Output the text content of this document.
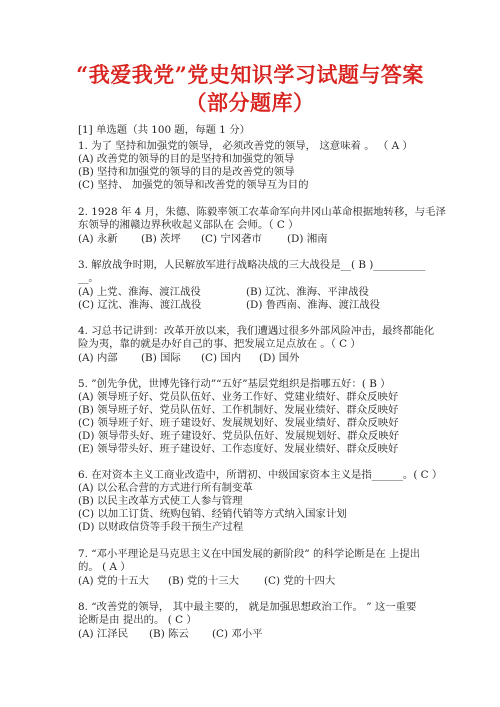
“我爱我党”党史知识学习试题与答案
（部分题库）
[1] 单选题（共 100 题，每题 1 分）
1. 为了 坚持和加强党的领导， 必须改善党的领导， 这意味着 。 （ A ）
(A) 改善党的领导的目的是坚持和加强党的领导
(B) 坚持和加强党的领导的目的是改善党的领导
(C) 坚持、 加强党的领导和改善党的领导互为目的
2. 1928 年 4 月，朱德、陈毅率领工农革命军向井冈山革命根据地转移，与毛泽
东领导的湘赣边界秋收起义部队在 会师。（ C ）
(A) 永新 (B) 茨坪 (C) 宁冈砻市 (D) 湘南
3. 解放战争时期，人民解放军进行战略决战的三大战役是__( B )__________
__。
(A) 上党、淮海、渡江战役	(B) 辽沈、淮海、平津战役
(C) 辽沈、淮海、渡江战役	(D) 鲁西南、淮海、渡江战役
4. 习总书记讲到：改革开放以来，我们遭遇过很多外部风险冲击，最终都能化
险为夷，靠的就是办好自己的事、把发展立足点放在 。（ C ）
(A) 内部 (B) 国际 (C) 国内 (D) 国外
5. ”创先争优，世博先锋行动”“五好”基层党组织是指哪五好：( B ）
(A) 领导班子好、党员队伍好、业务工作好、党建业绩好、群众反映好
(B) 领导班子好、党员队伍好、工作机制好、发展业绩好、群众反映好
(C) 领导班子好、班子建设好、发展规划好、发展业绩好、群众反映好
(D) 领导带头好、班子建设好、党员队伍好、发展规划好、群众反映好
(E) 领导带头好、班子建设好、工作态度好、发展业绩好、群众反映好
6. 在对资本主义工商业改造中，所谓初、中级国家资本主义是指______。( C ）
(A) 以公私合营的方式进行所有制变革
(B) 以民主改革方式使工人参与管理
(C) 以加工订货、统购包销、经销代销等方式纳入国家计划
(D) 以财政信贷等手段干预生产过程
7. “邓小平理论是马克思主义在中国发展的新阶段” 的科学论断是在 上提出
的。 ( A ）
(A) 党的十五大 (B) 党的十三大 (C) 党的十四大
8. “改善党的领导， 其中最主要的， 就是加强思想政治工作。 ” 这一重要
论断是由 提出的。 ( C ）
(A) 江泽民 (B) 陈云 (C) 邓小平
